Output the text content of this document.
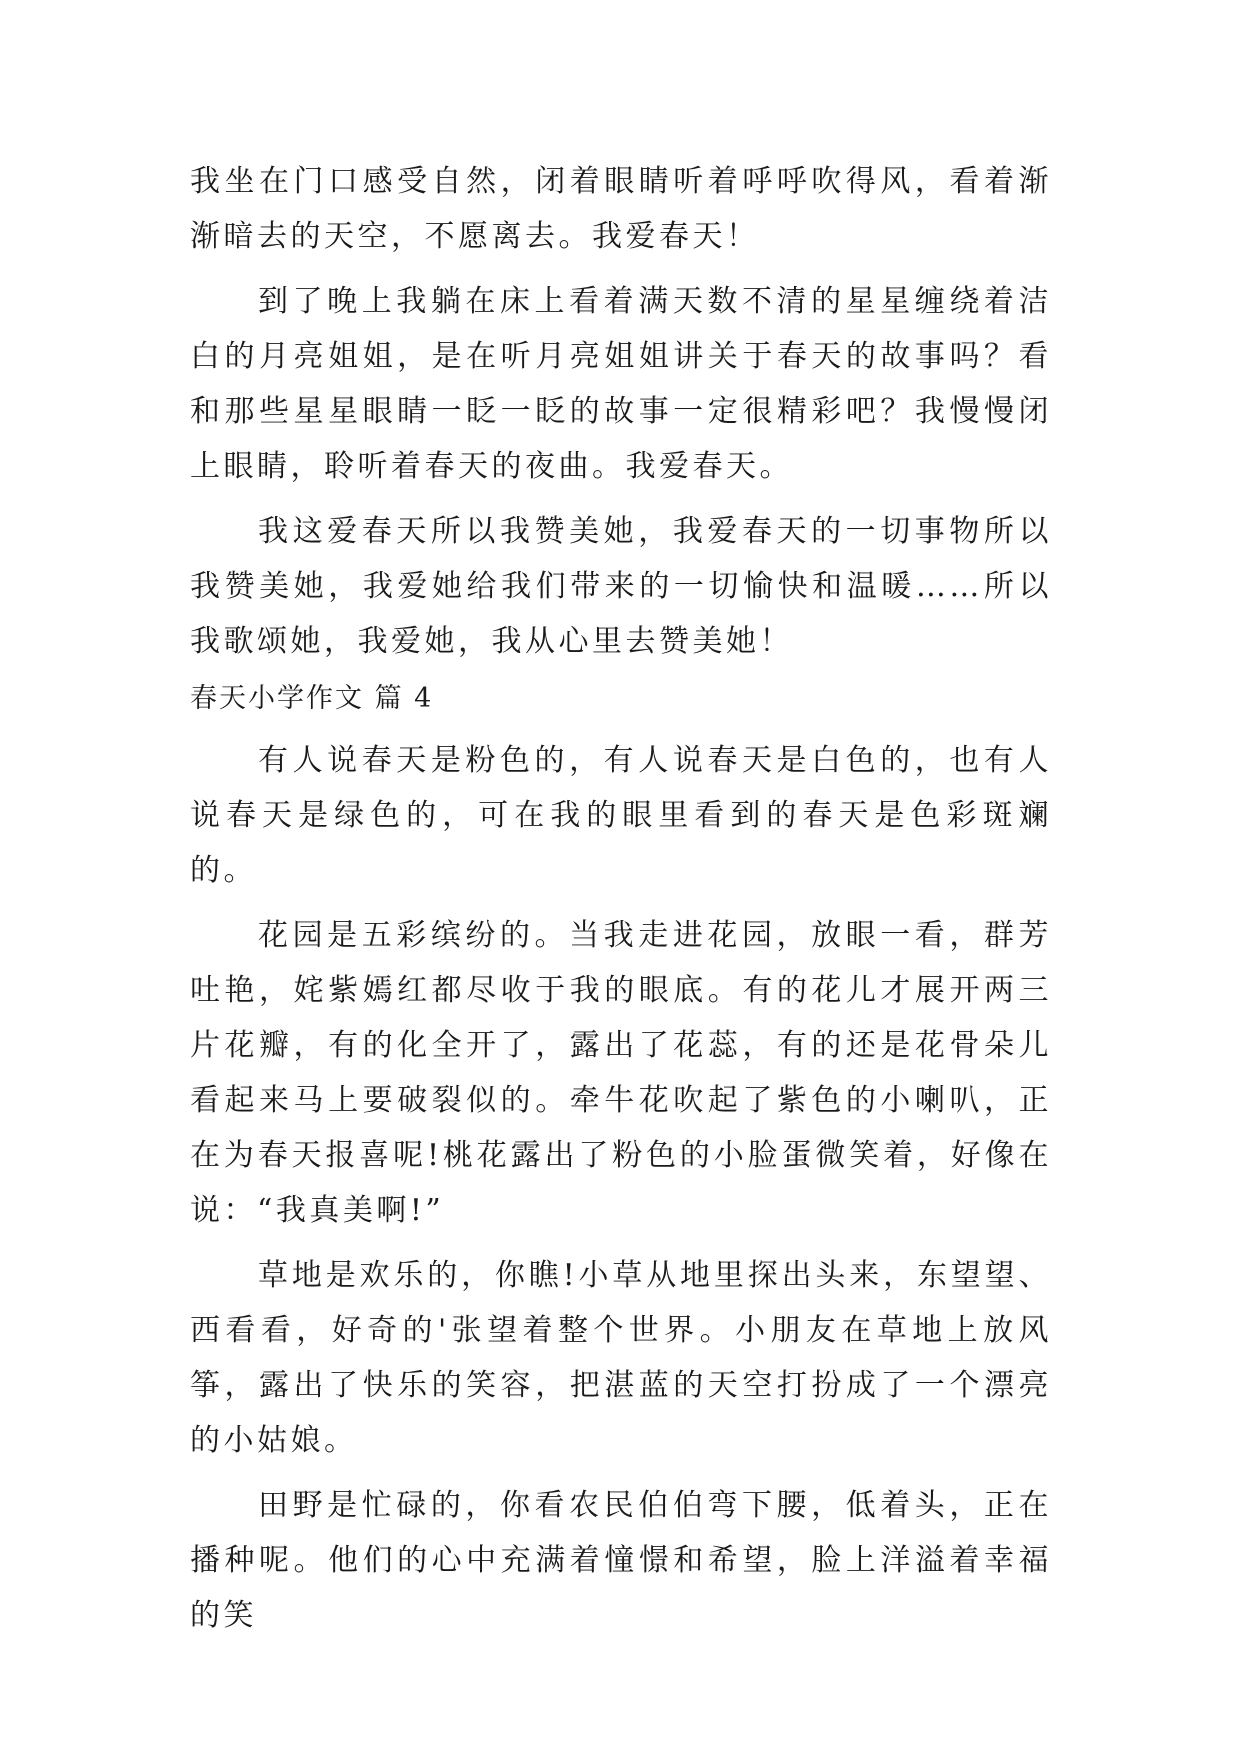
我坐在门口感受自然，闭着眼睛听着呼呼吹得风，看着渐渐暗去的天空，不愿离去。我爱春天！

到了晚上我躺在床上看着满天数不清的星星缠绕着洁白的月亮姐姐，是在听月亮姐姐讲关于春天的故事吗？看和那些星星眼睛一眨一眨的故事一定很精彩吧？我慢慢闭上眼睛，聆听着春天的夜曲。我爱春天。

我这爱春天所以我赞美她，我爱春天的一切事物所以我赞美她，我爱她给我们带来的一切愉快和温暖……所以我歌颂她，我爱她，我从心里去赞美她！

春天小学作文 篇 4

有人说春天是粉色的，有人说春天是白色的，也有人说春天是绿色的，可在我的眼里看到的春天是色彩斑斓的。

花园是五彩缤纷的。当我走进花园，放眼一看，群芳吐艳，姹紫嫣红都尽收于我的眼底。有的花儿才展开两三片花瓣，有的化全开了，露出了花蕊，有的还是花骨朵儿看起来马上要破裂似的。牵牛花吹起了紫色的小喇叭，正在为春天报喜呢!桃花露出了粉色的小脸蛋微笑着，好像在说：“我真美啊!”

草地是欢乐的，你瞧!小草从地里探出头来，东望望、西看看，好奇的'张望着整个世界。小朋友在草地上放风筝，露出了快乐的笑容，把湛蓝的天空打扮成了一个漂亮的小姑娘。

田野是忙碌的，你看农民伯伯弯下腰，低着头，正在播种呢。他们的心中充满着憧憬和希望，脸上洋溢着幸福的笑
